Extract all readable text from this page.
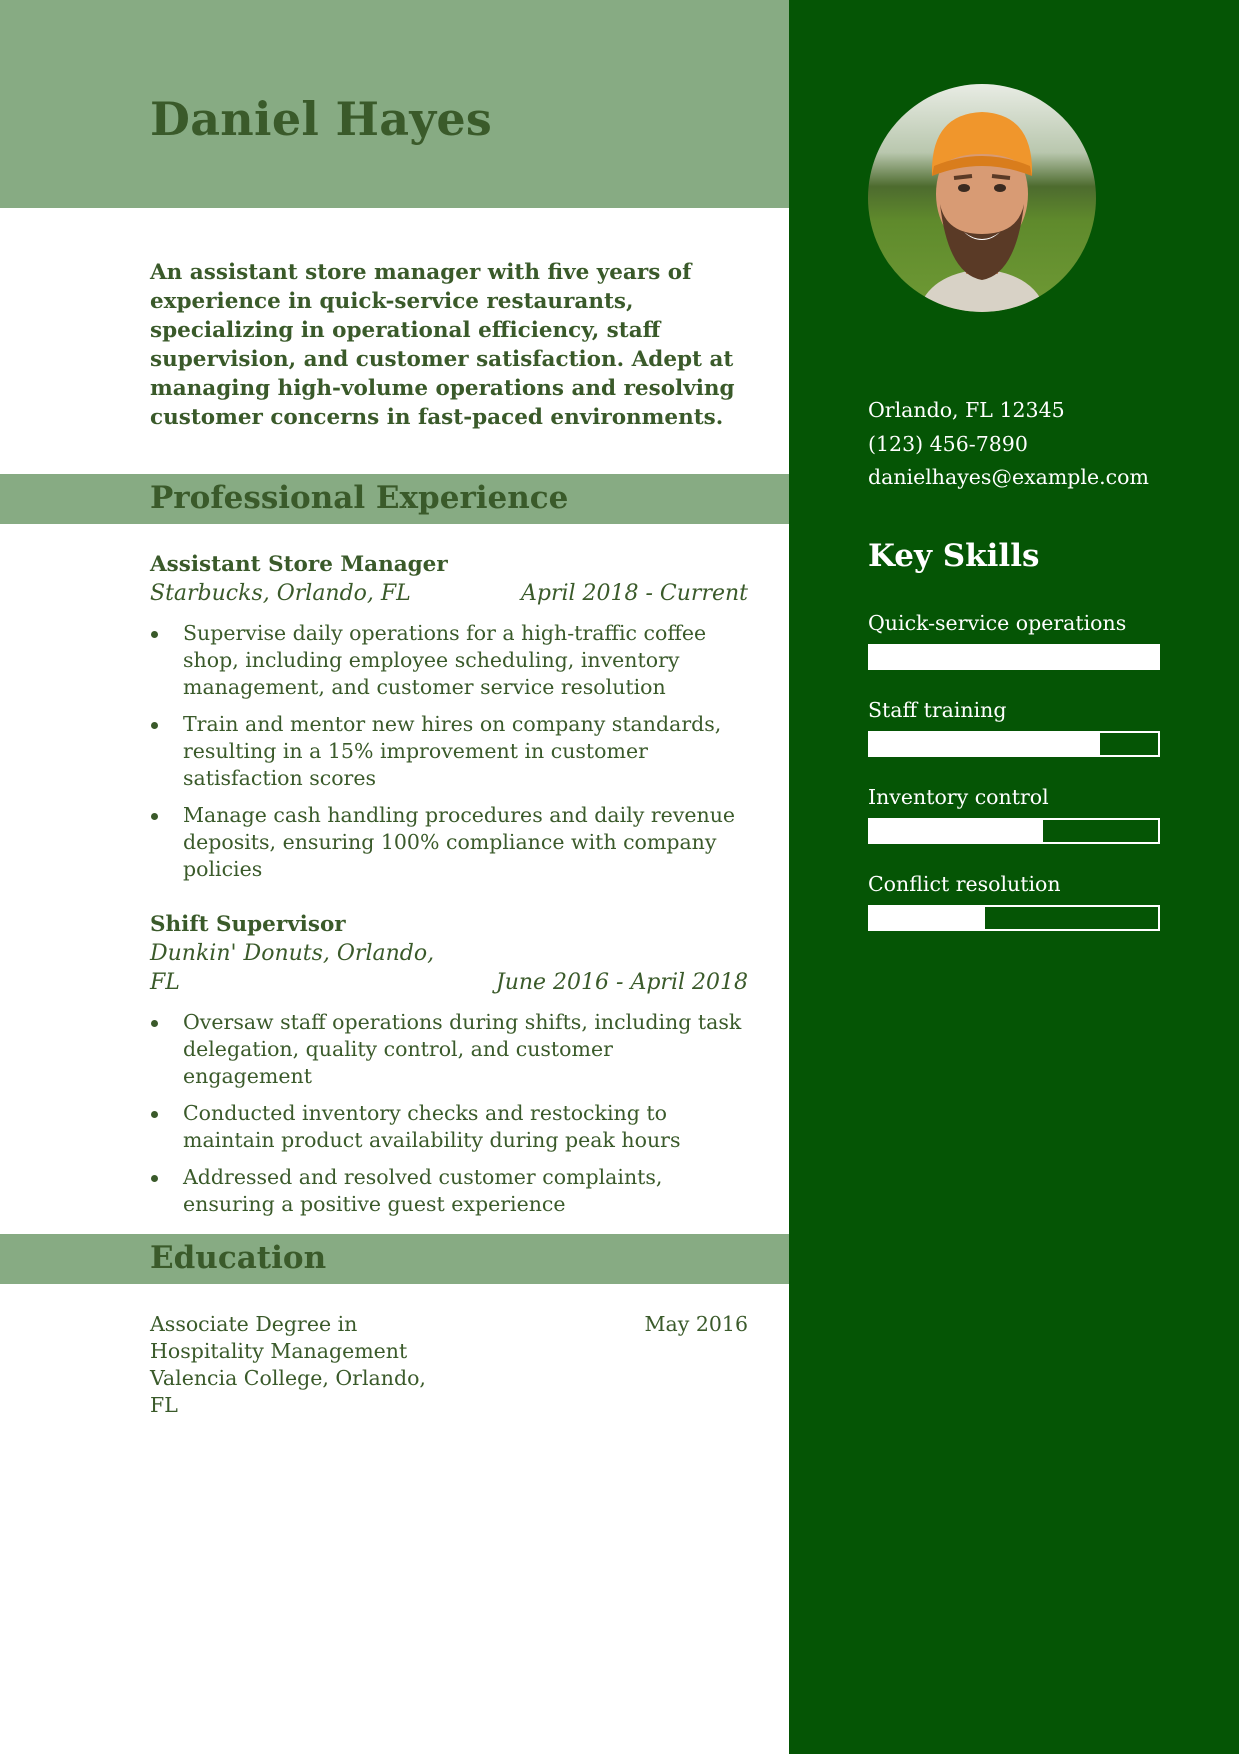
Daniel Hayes
An assistant store manager with five years of experience in quick-service restaurants, specializing in operational efficiency, staff supervision, and customer satisfaction. Adept at managing high-volume operations and resolving customer concerns in fast-paced environments.
Professional Experience
Assistant Store Manager
Starbucks, Orlando, FL	April 2018 - Current
Supervise daily operations for a high-traffic coffee shop, including employee scheduling, inventory management, and customer service resolution
Train and mentor new hires on company standards, resulting in a 15% improvement in customer satisfaction scores
Manage cash handling procedures and daily revenue deposits, ensuring 100% compliance with company policies
Shift Supervisor
Dunkin' Donuts, Orlando, FL	June 2016 - April 2018
Oversaw staff operations during shifts, including task delegation, quality control, and customer engagement
Conducted inventory checks and restocking to maintain product availability during peak hours
Addressed and resolved customer complaints, ensuring a positive guest experience
Education
Associate Degree in Hospitality Management
Valencia College, Orlando, FL
May 2016
Orlando, FL 12345
(123) 456-7890
danielhayes@example.com
Key Skills
Quick-service operations
Staff training
Inventory control
Conflict resolution
